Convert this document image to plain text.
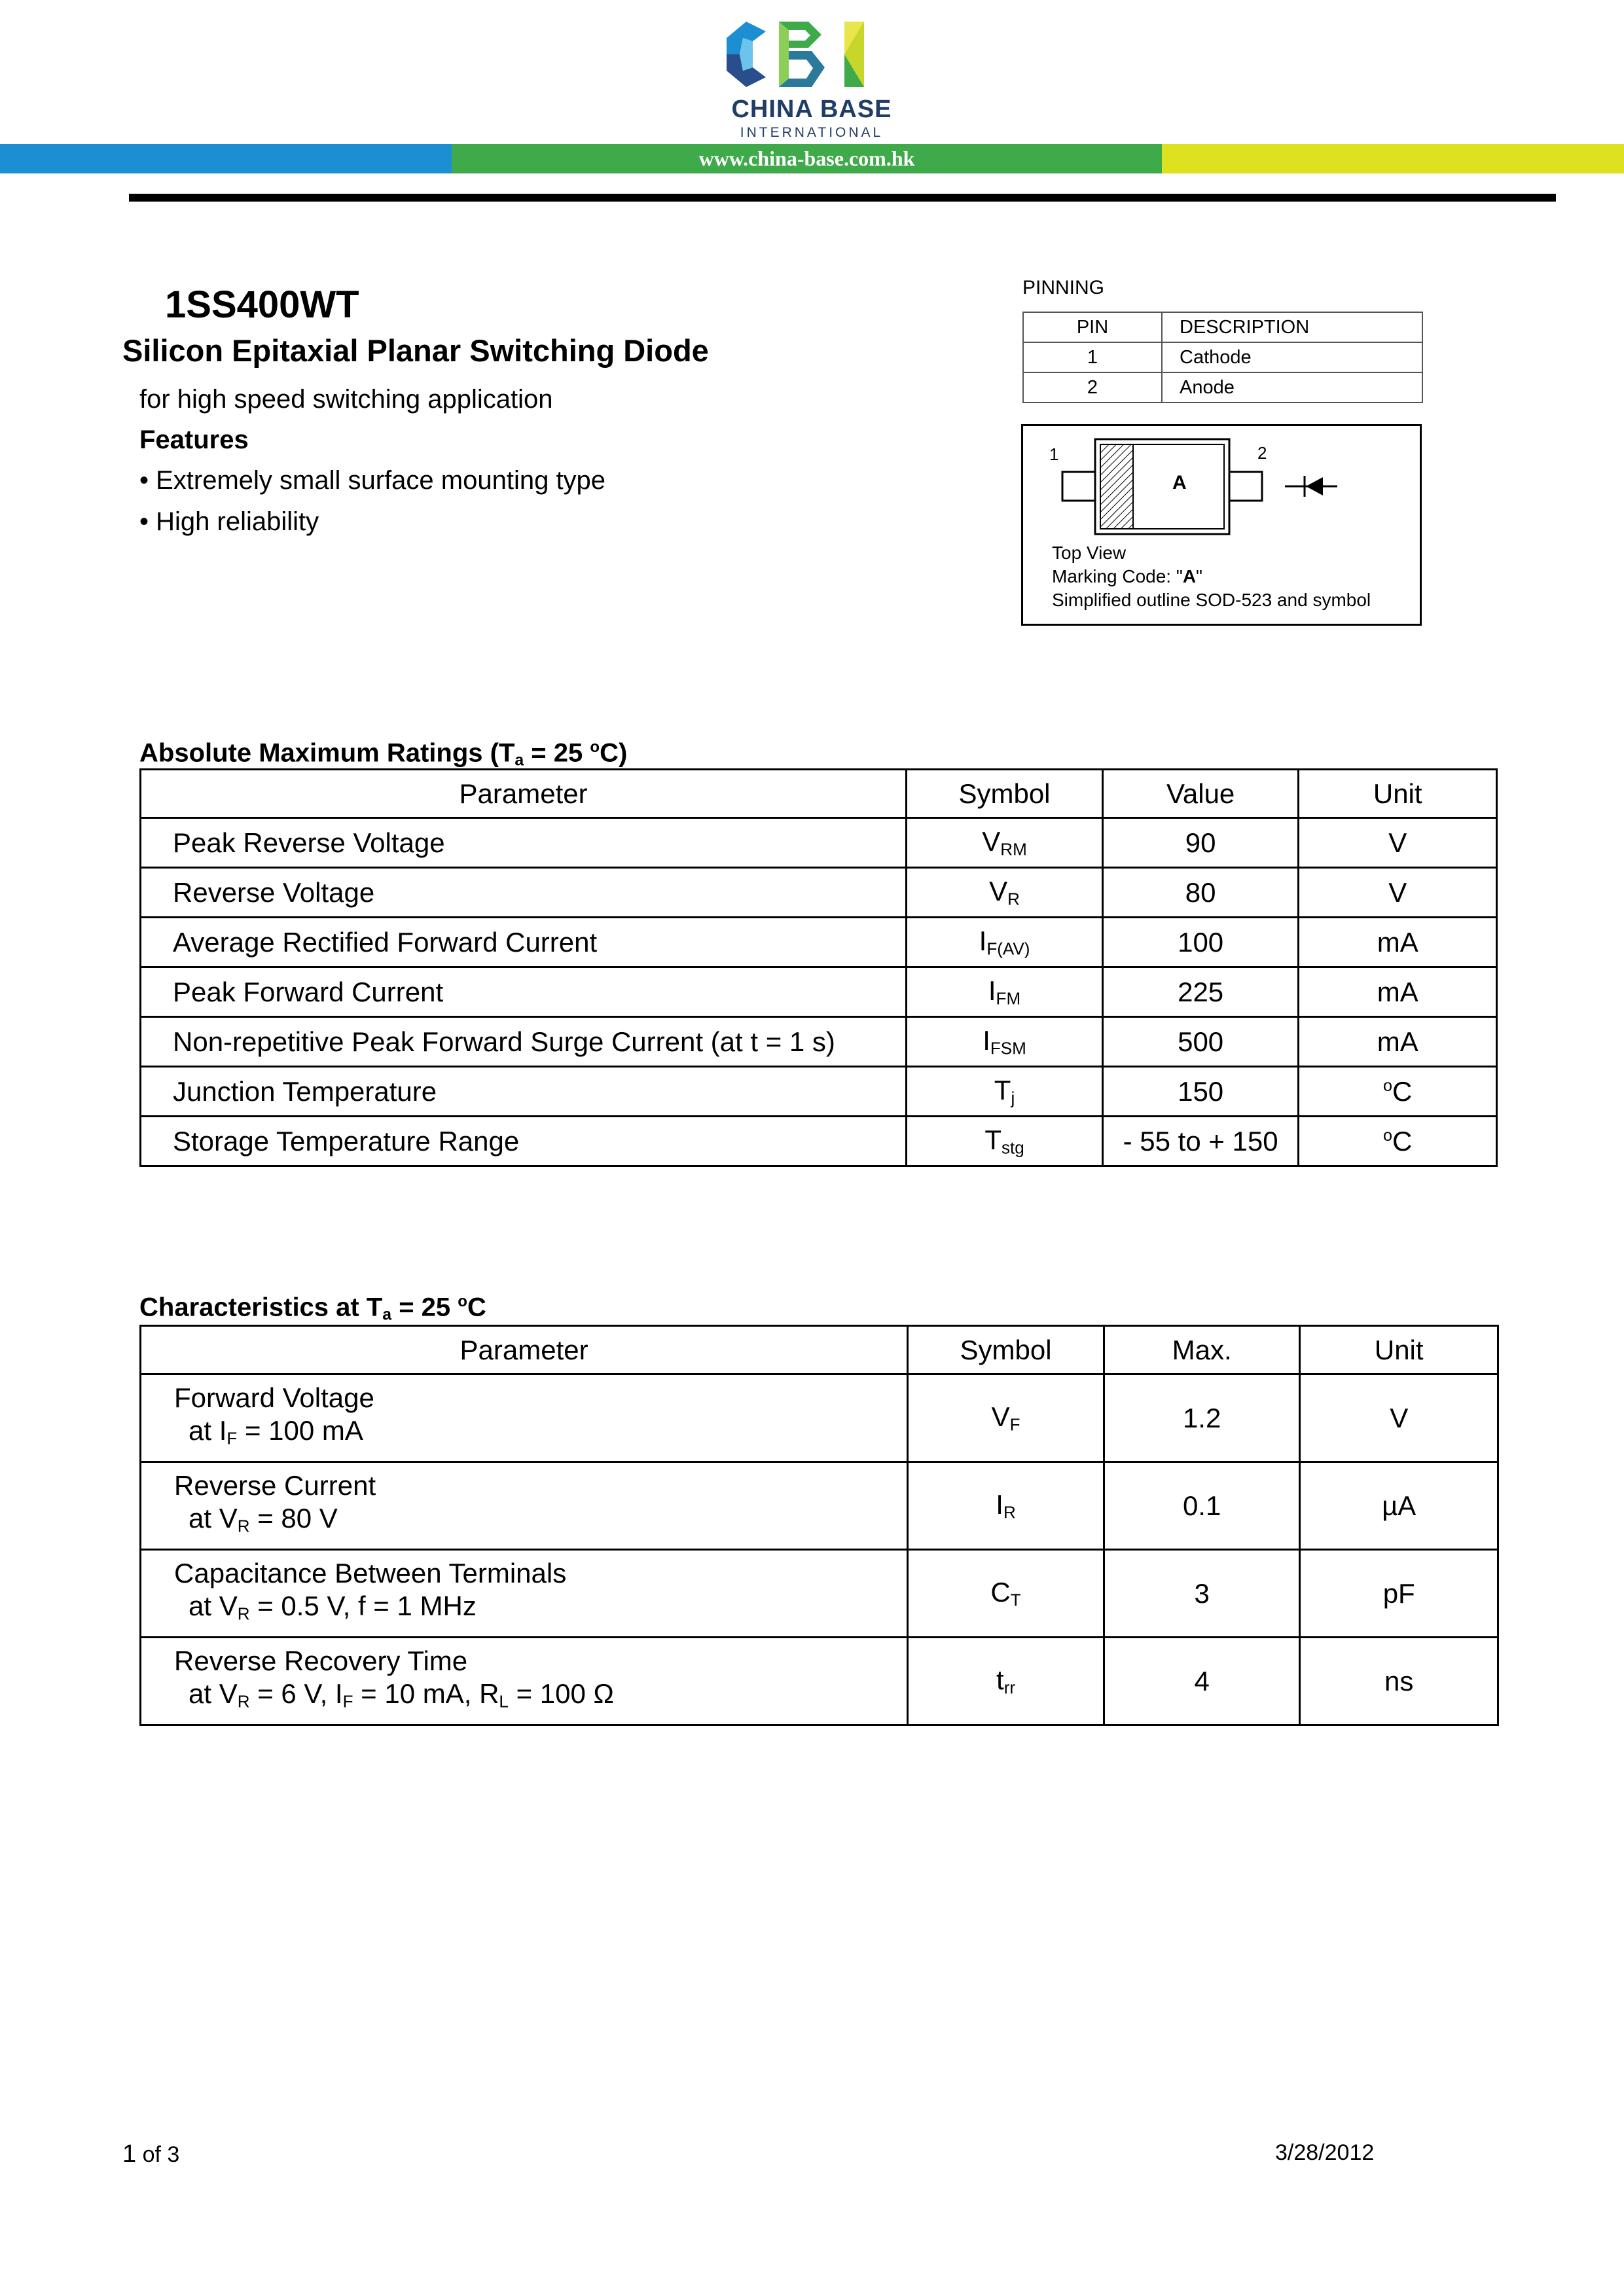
CHINA BASE
INTERNATIONAL
www.china-base.com.hk
1SS400WT
Silicon Epitaxial Planar Switching Diode
for high speed switching application
Features
• Extremely small surface mounting type
• High reliability
PINNING
PIN	DESCRIPTION
1	Cathode
2	Anode
1	2
A
Top View
Marking Code: "A"
Simplified outline SOD-523 and symbol
Absolute Maximum Ratings ($T_a = 25$ $^o$C)
Parameter	Symbol	Value	Unit
Peak Reverse Voltage	$V_{RM}$	90	V
Reverse Voltage	$V_R$	80	V
Average Rectified Forward Current	$I_{F(AV)}$	100	mA
Peak Forward Current	$I_{FM}$	225	mA
Non-repetitive Peak Forward Surge Current (at t = 1 s)	$I_{FSM}$	500	mA
Junction Temperature	$T_j$	150	$^o$C
Storage Temperature Range	$T_{stg}$	- 55 to + 150	$^o$C
Characteristics at $T_a = 25$ $^o$C
Parameter	Symbol	Max.	Unit

Forward Voltage
at $I_F = 100$ mA	$V_F$	1.2	V

Reverse Current
at $V_R = 80$ V	$I_R$	0.1	µA

Capacitance Between Terminals
at $V_R = 0.5$ V, f = 1 MHz	$C_T$	3	pF

Reverse Recovery Time
at $V_R = 6$ V, $I_F = 10$ mA, $R_L = 100$ Ω	$t_{rr}$	4	ns
1 of 3	3/28/2012
